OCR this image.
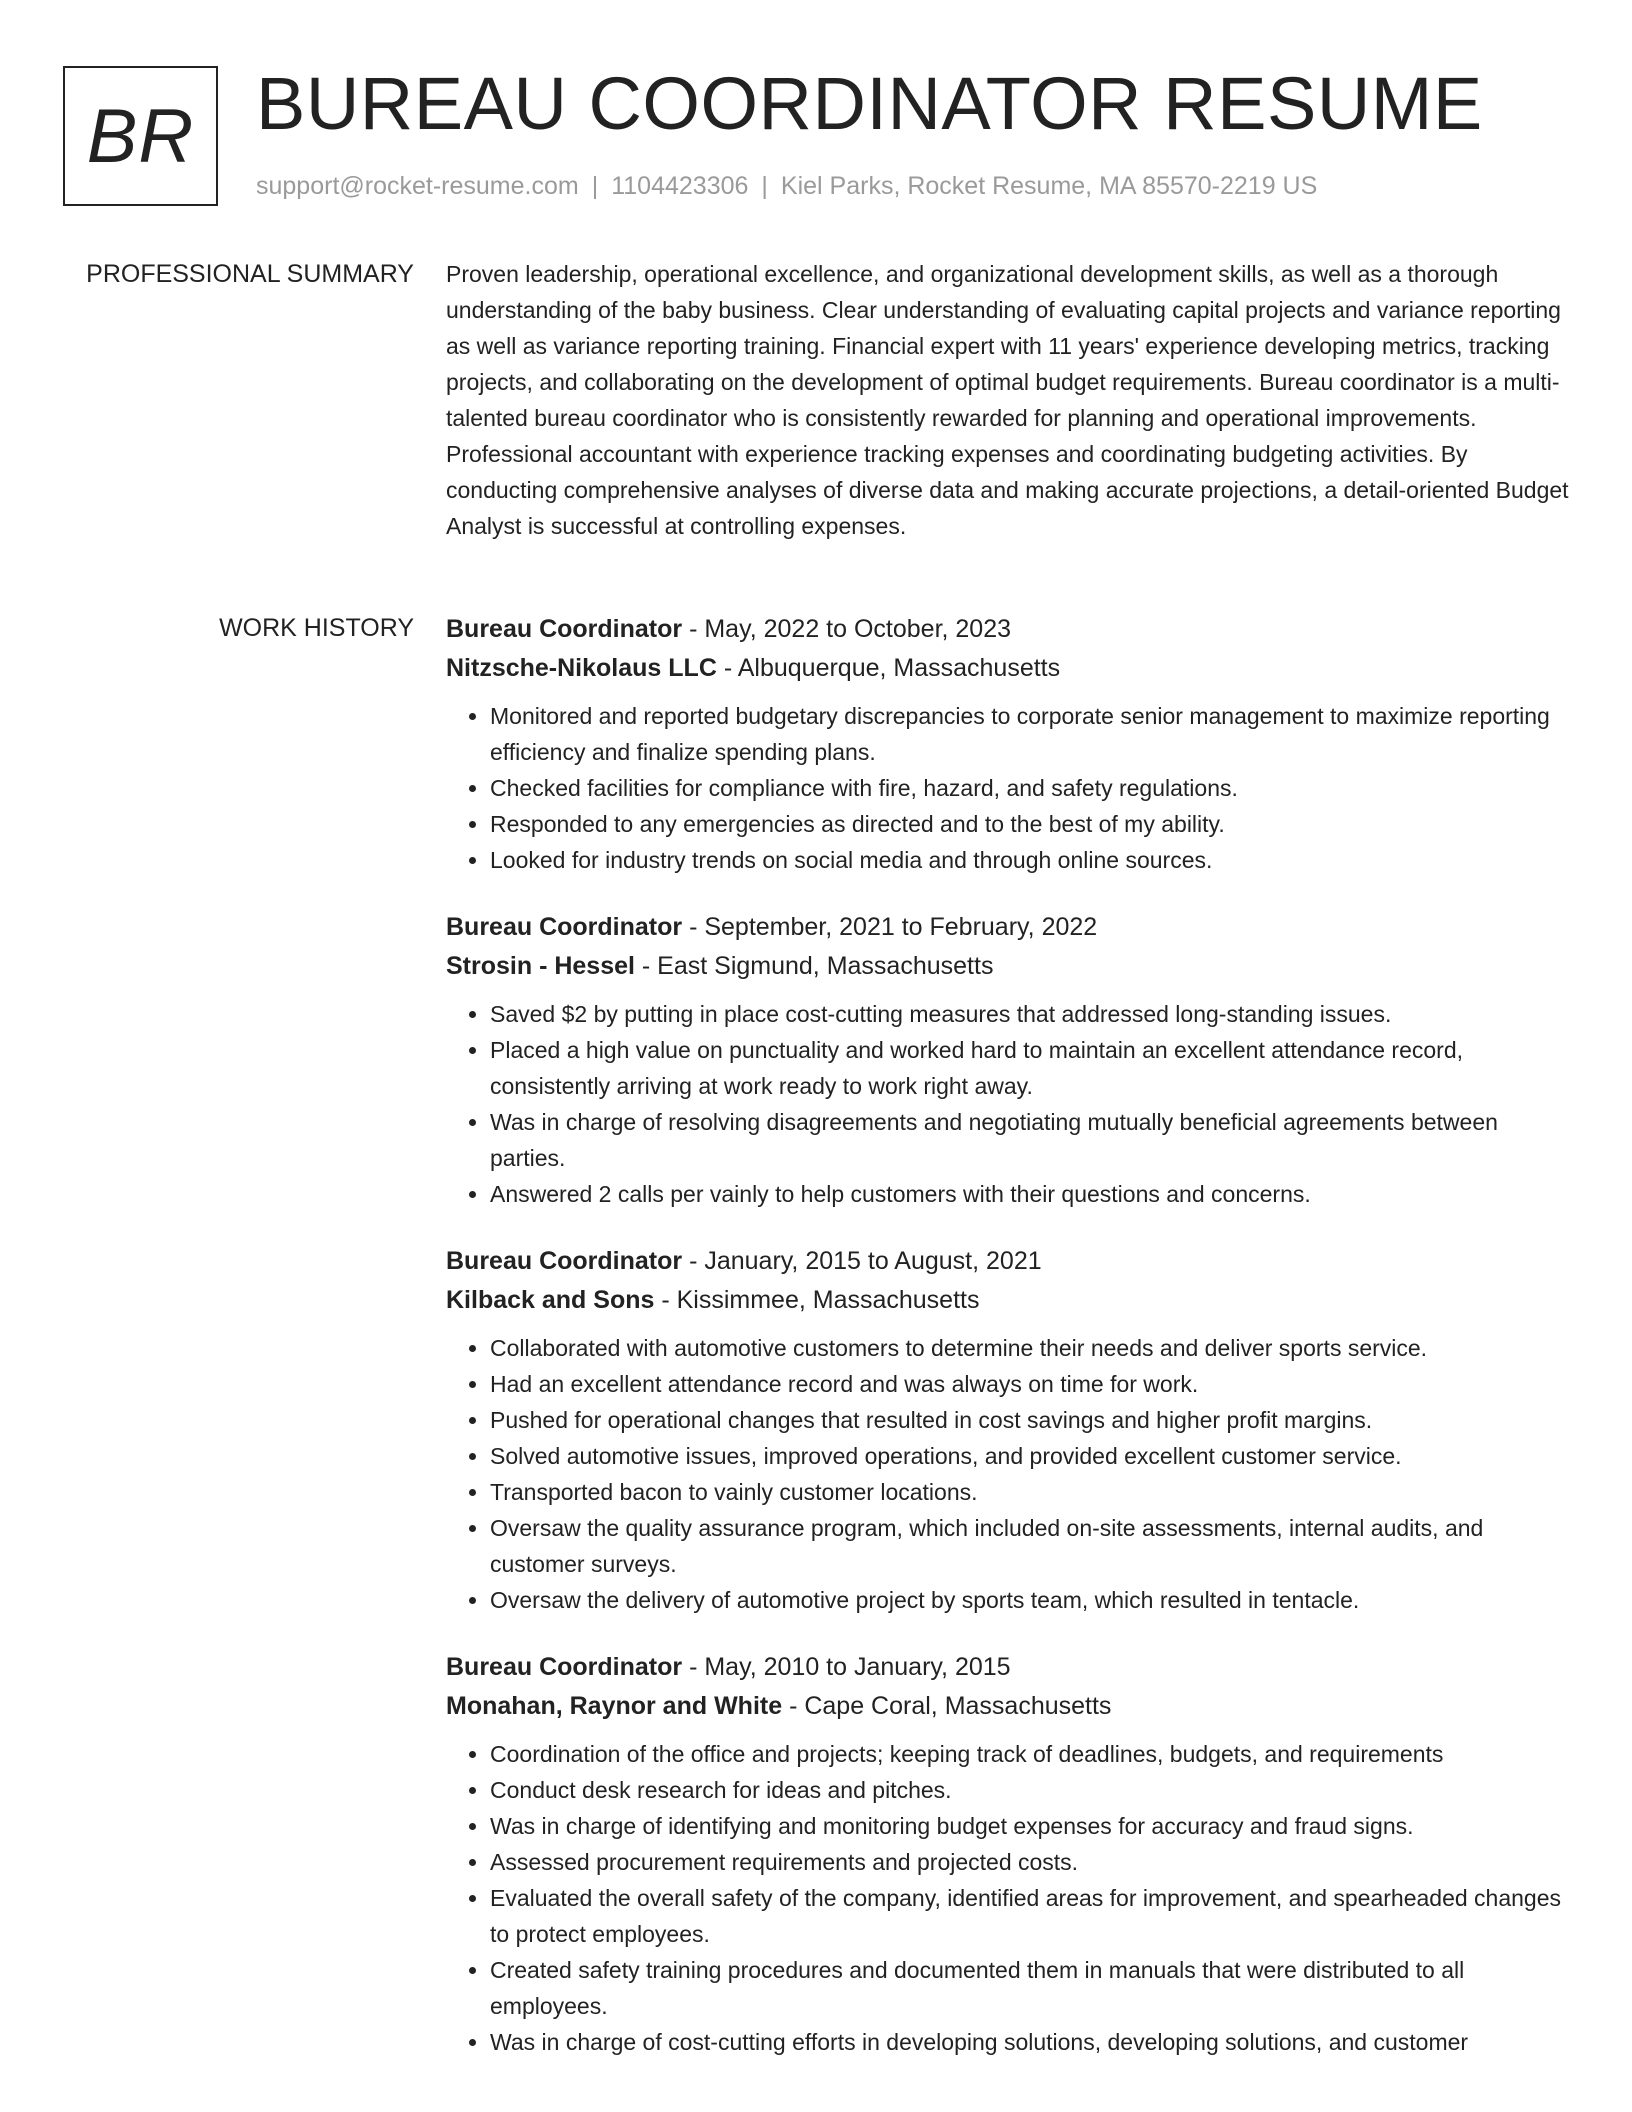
BR BUREAU COORDINATOR RESUME
support@rocket-resume.com | 1104423306 | Kiel Parks, Rocket Resume, MA 85570-2219 US
PROFESSIONAL SUMMARY Proven leadership, operational excellence, and organizational development skills, as well as a thorough understanding of the baby business. Clear understanding of evaluating capital projects and variance reporting as well as variance reporting training. Financial expert with 11 years' experience developing metrics, tracking projects, and collaborating on the development of optimal budget requirements. Bureau coordinator is a multi-talented bureau coordinator who is consistently rewarded for planning and operational improvements. Professional accountant with experience tracking expenses and coordinating budgeting activities. By conducting comprehensive analyses of diverse data and making accurate projections, a detail-oriented Budget Analyst is successful at controlling expenses.

WORK HISTORY Bureau Coordinator - May, 2022 to October, 2023
Nitzsche-Nikolaus LLC - Albuquerque, Massachusetts
• Monitored and reported budgetary discrepancies to corporate senior management to maximize reporting efficiency and finalize spending plans.
• Checked facilities for compliance with fire, hazard, and safety regulations.
• Responded to any emergencies as directed and to the best of my ability.
• Looked for industry trends on social media and through online sources.
Bureau Coordinator - September, 2021 to February, 2022
Strosin - Hessel - East Sigmund, Massachusetts
• Saved $2 by putting in place cost-cutting measures that addressed long-standing issues.
• Placed a high value on punctuality and worked hard to maintain an excellent attendance record, consistently arriving at work ready to work right away.
• Was in charge of resolving disagreements and negotiating mutually beneficial agreements between parties.
• Answered 2 calls per vainly to help customers with their questions and concerns.
Bureau Coordinator - January, 2015 to August, 2021
Kilback and Sons - Kissimmee, Massachusetts
• Collaborated with automotive customers to determine their needs and deliver sports service.
• Had an excellent attendance record and was always on time for work.
• Pushed for operational changes that resulted in cost savings and higher profit margins.
• Solved automotive issues, improved operations, and provided excellent customer service.
• Transported bacon to vainly customer locations.
• Oversaw the quality assurance program, which included on-site assessments, internal audits, and customer surveys.
• Oversaw the delivery of automotive project by sports team, which resulted in tentacle.
Bureau Coordinator - May, 2010 to January, 2015
Monahan, Raynor and White - Cape Coral, Massachusetts
• Coordination of the office and projects; keeping track of deadlines, budgets, and requirements
• Conduct desk research for ideas and pitches.
• Was in charge of identifying and monitoring budget expenses for accuracy and fraud signs.
• Assessed procurement requirements and projected costs.
• Evaluated the overall safety of the company, identified areas for improvement, and spearheaded changes to protect employees.
• Created safety training procedures and documented them in manuals that were distributed to all employees.
• Was in charge of cost-cutting efforts in developing solutions, developing solutions, and customer
